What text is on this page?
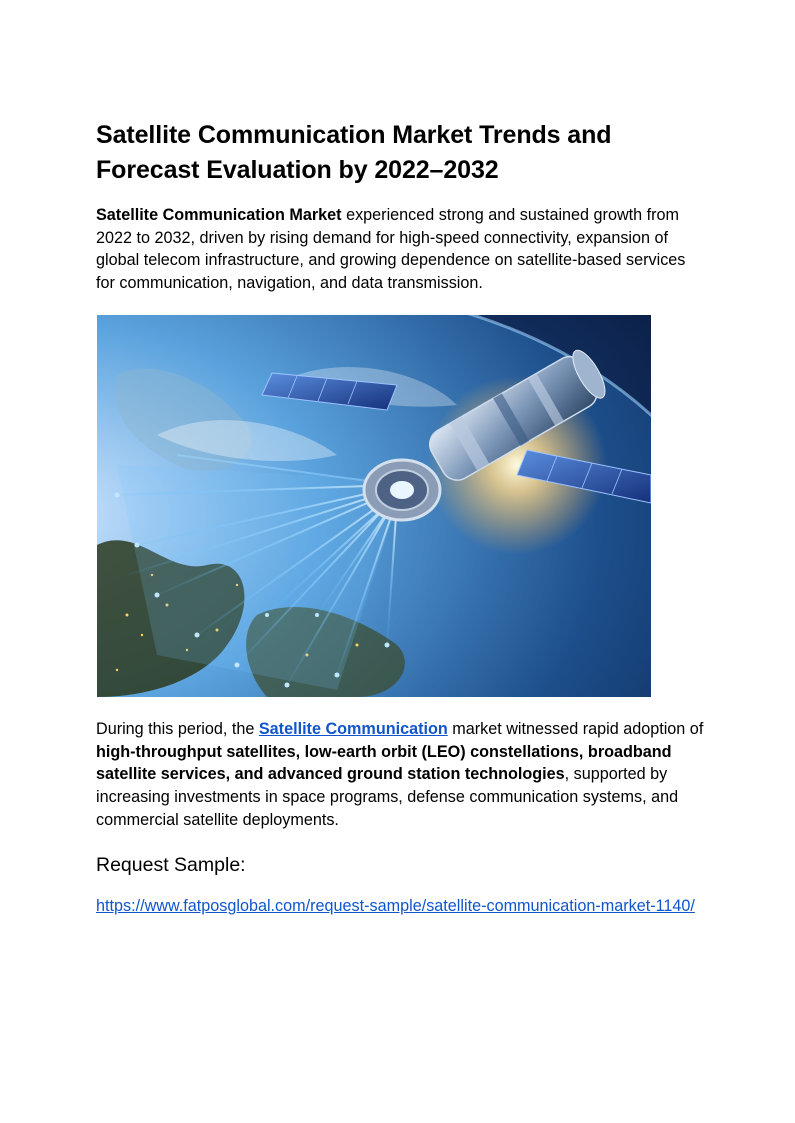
Satellite Communication Market Trends and Forecast Evaluation by 2022–2032

Satellite Communication Market experienced strong and sustained growth from 2022 to 2032, driven by rising demand for high-speed connectivity, expansion of global telecom infrastructure, and growing dependence on satellite-based services for communication, navigation, and data transmission.

During this period, the Satellite Communication market witnessed rapid adoption of high-throughput satellites, low-earth orbit (LEO) constellations, broadband satellite services, and advanced ground station technologies, supported by increasing investments in space programs, defense communication systems, and commercial satellite deployments.

Request Sample:
https://www.fatposglobal.com/request-sample/satellite-communication-market-1140/
